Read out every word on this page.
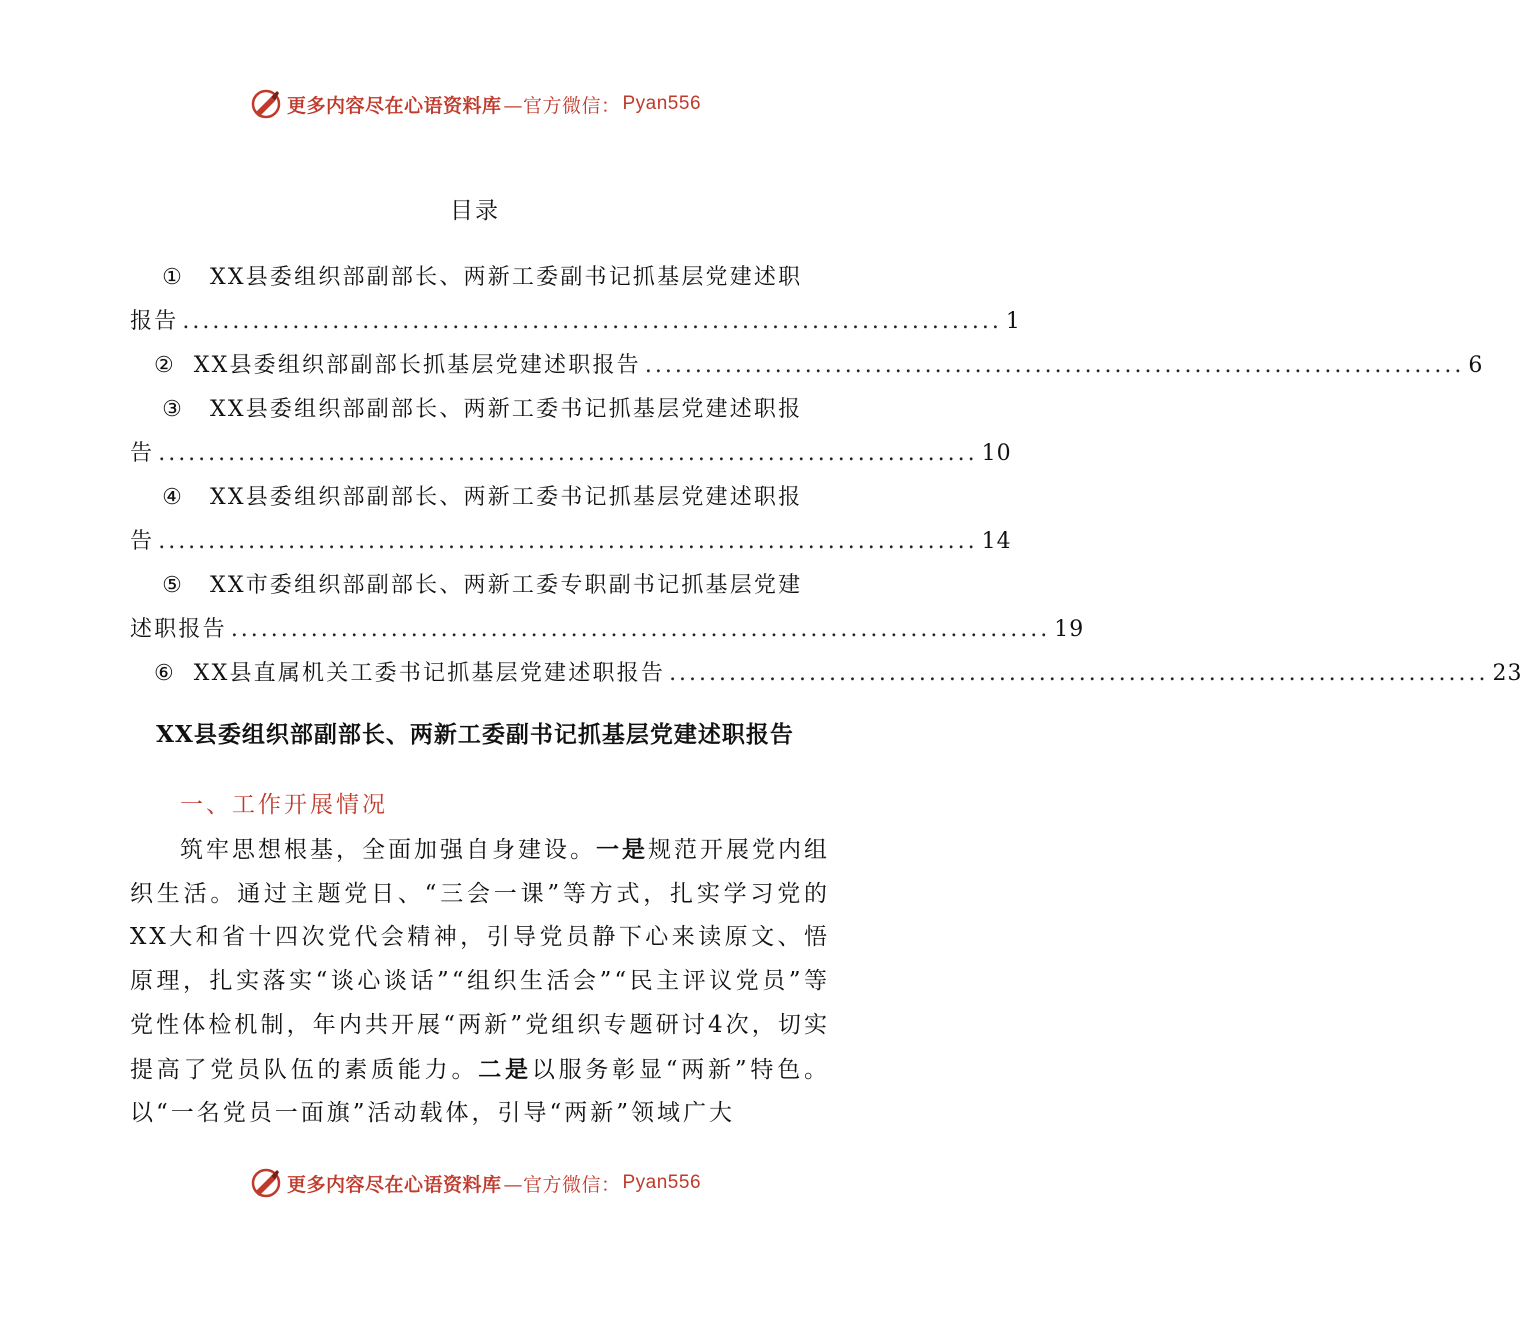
更多内容尽在心语资料库 —官方微信： Pyan556
目录
①	XX县委组织部副部长、两新工委副书记抓基层党建述职
报告 .................................................................................. 1
② XX县委组织部副部长抓基层党建述职报告 .................................................................................. 6
③	XX县委组织部副部长、两新工委书记抓基层党建述职报
告 .................................................................................. 10
④	XX县委组织部副部长、两新工委书记抓基层党建述职报
告 .................................................................................. 14
⑤	XX市委组织部副部长、两新工委专职副书记抓基层党建
述职报告 .................................................................................. 19
⑥ XX县直属机关工委书记抓基层党建述职报告 .................................................................................. 23
XX县委组织部副部长、两新工委副书记抓基层党建述职报告
一、工作开展情况
筑牢思想根基，全面加强自身建设。一是规范开展党内组织生活。通过主题党日、“三会一课”等方式，扎实学习党的XX大和省十四次党代会精神，引导党员静下心来读原文、悟原理，扎实落实“谈心谈话”“组织生活会”“民主评议党员”等党性体检机制，年内共开展“两新”党组织专题研讨4次，切实提高了党员队伍的素质能力。二是以服务彰显“两新”特色。以“一名党员一面旗”活动载体，引导“两新”领域广大
更多内容尽在心语资料库 —官方微信： Pyan556
